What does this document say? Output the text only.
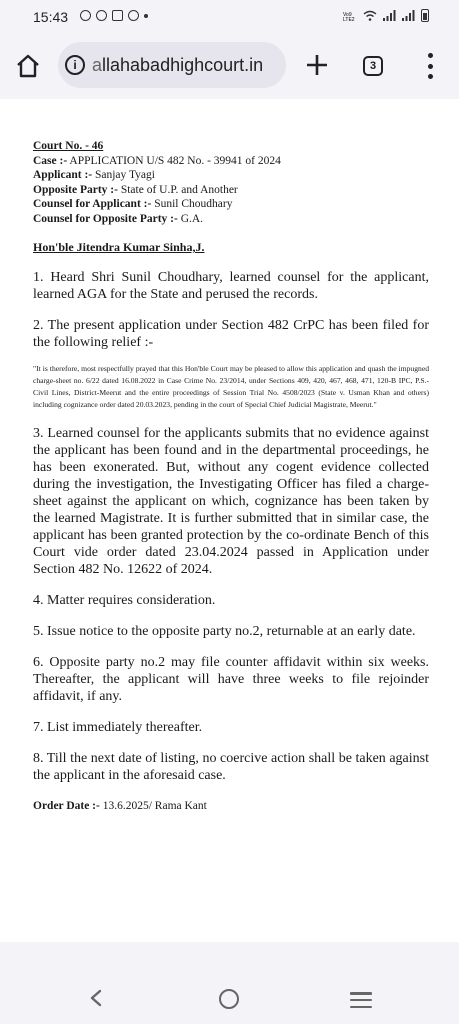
15:43	Vo9
LTE2
i allahabadhighcourt.in	3
Court No. - 46
Case :- APPLICATION U/S 482 No. - 39941 of 2024
Applicant :- Sanjay Tyagi
Opposite Party :- State of U.P. and Another
Counsel for Applicant :- Sunil Choudhary
Counsel for Opposite Party :- G.A.
Hon'ble Jitendra Kumar Sinha,J.
1. Heard Shri Sunil Choudhary, learned counsel for the applicant, learned AGA for the State and perused the records.
2. The present application under Section 482 CrPC has been filed for the following relief :-
"It is therefore, most respectfully prayed that this Hon'ble Court may be pleased to allow this application and quash the impugned charge-sheet no. 6/22 dated 16.08.2022 in Case Crime No. 23/2014, under Sections 409, 420, 467, 468, 471, 120-B IPC, P.S.- Civil Lines, District-Meerut and the entire proceedings of Session Trial No. 4508/2023 (State v. Usman Khan and others) including cognizance order dated 20.03.2023, pending in the court of Special Chief Judicial Magistrate, Meerut."
3. Learned counsel for the applicants submits that no evidence against the applicant has been found and in the departmental proceedings, he has been exonerated. But, without any cogent evidence collected during the investigation, the Investigating Officer has filed a charge-sheet against the applicant on which, cognizance has been taken by the learned Magistrate. It is further submitted that in similar case, the applicant has been granted protection by the co-ordinate Bench of this Court vide order dated 23.04.2024 passed in Application under Section 482 No. 12622 of 2024.
4. Matter requires consideration.
5. Issue notice to the opposite party no.2, returnable at an early date.
6. Opposite party no.2 may file counter affidavit within six weeks. Thereafter, the applicant will have three weeks to file rejoinder affidavit, if any.
7. List immediately thereafter.
8. Till the next date of listing, no coercive action shall be taken against the applicant in the aforesaid case.
Order Date :- 13.6.2025/ Rama Kant
